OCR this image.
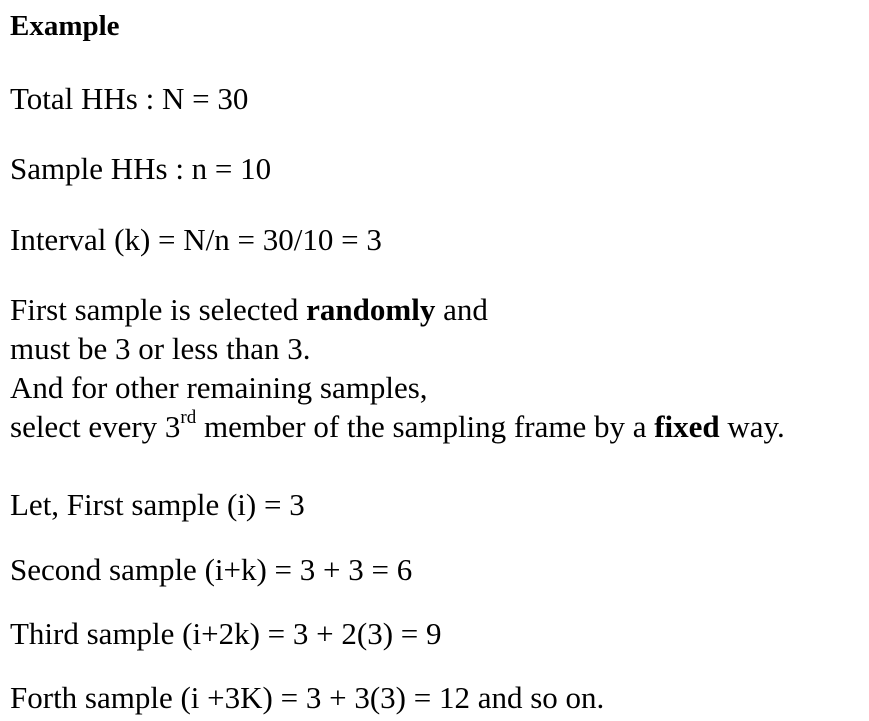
Example
Total HHs : N = 30
Sample HHs : n = 10
Interval (k) = N/n = 30/10 = 3
First sample is selected randomly and
must be 3 or less than 3.
And for other remaining samples,
select every 3rd member of the sampling frame by a fixed way.
Let, First sample (i) = 3
Second sample (i+k) = 3 + 3 = 6
Third sample (i+2k) = 3 + 2(3) = 9
Forth sample (i +3K) = 3 + 3(3) = 12 and so on.
